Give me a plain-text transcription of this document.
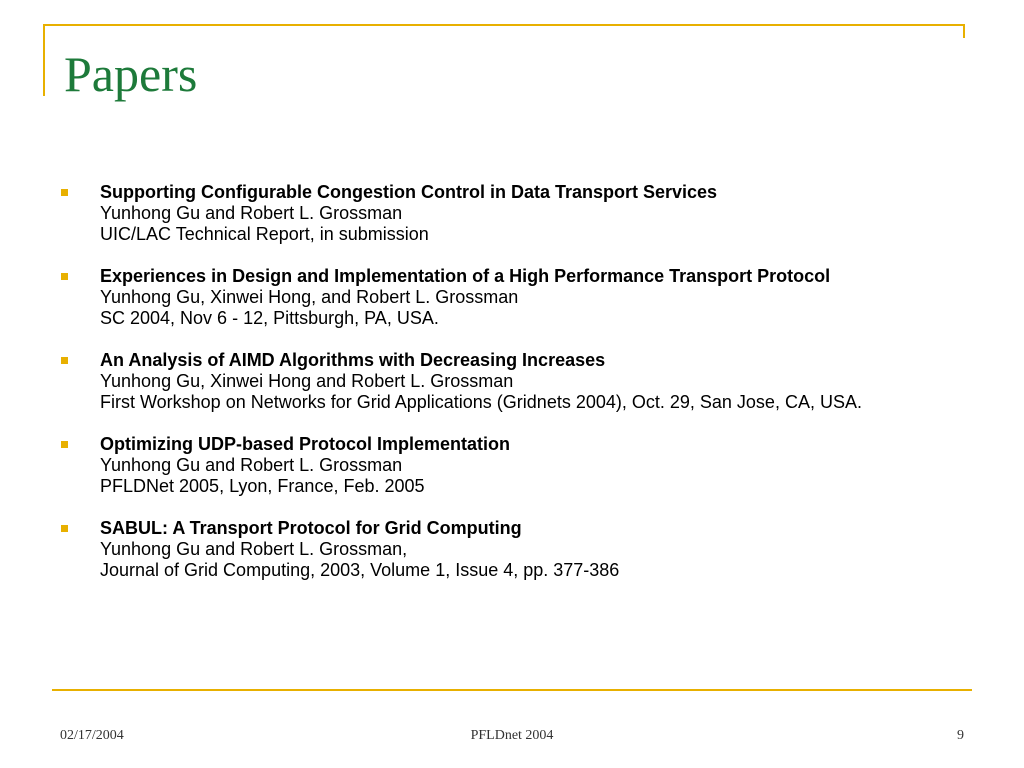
Papers
Supporting Configurable Congestion Control in Data Transport Services
Yunhong Gu and Robert L. Grossman
UIC/LAC Technical Report, in submission
Experiences in Design and Implementation of a High Performance Transport Protocol
Yunhong Gu, Xinwei Hong, and Robert L. Grossman
SC 2004, Nov 6 - 12, Pittsburgh, PA, USA.
An Analysis of AIMD Algorithms with Decreasing Increases
Yunhong Gu, Xinwei Hong and Robert L. Grossman
First Workshop on Networks for Grid Applications (Gridnets 2004), Oct. 29, San Jose, CA, USA.
Optimizing UDP-based Protocol Implementation
Yunhong Gu and Robert L. Grossman
PFLDNet 2005, Lyon, France, Feb. 2005
SABUL: A Transport Protocol for Grid Computing
Yunhong Gu and Robert L. Grossman,
Journal of Grid Computing, 2003, Volume 1, Issue 4, pp. 377-386
02/17/2004	PFLDnet 2004	9
